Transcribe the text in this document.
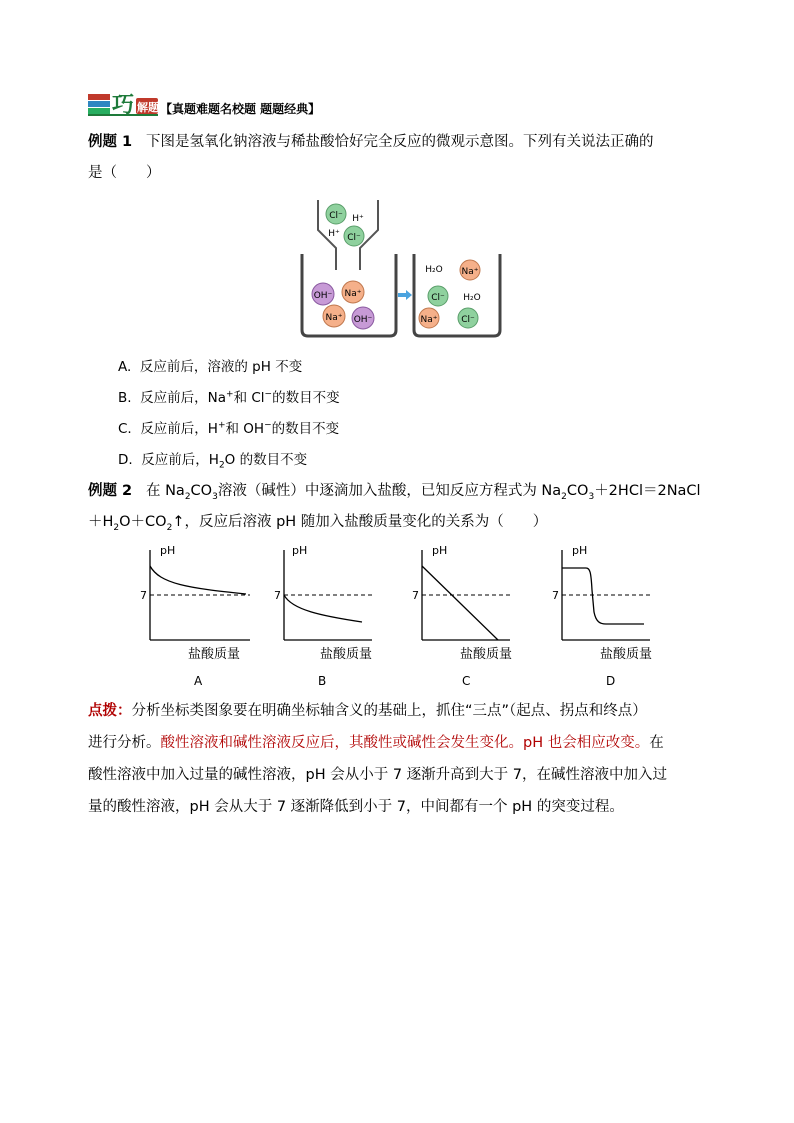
巧 解题 【真题难题名校题 题题经典】
例题 1 下图是氢氧化钠溶液与稀盐酸恰好完全反应的微观示意图。下列有关说法正确的
是（　　）
Cl⁻ H⁺
H⁺ Cl⁻
OH⁻ Na⁺
Na⁺ OH⁻
H₂O Na⁺
Cl⁻ H₂O
Na⁺	Cl⁻
A. 反应前后，溶液的 pH 不变
B. 反应前后，Na+和 Cl−的数目不变
C. 反应前后，H+和 OH−的数目不变
D. 反应前后，$H_2O$ 的数目不变
例题 2 在 $Na_2CO_3$溶液（碱性）中逐滴加入盐酸，已知反应方程式为 $Na_2CO_3+2HCl=2NaCl$
$+H_2O+CO_2↑$，反应后溶液 pH 随加入盐酸质量变化的关系为（　　）
pH
7
盐酸质量
A
pH
7
盐酸质量
B
pH
7
盐酸质量
C
pH
7
盐酸质量
D
点拨：分析坐标类图象要在明确坐标轴含义的基础上，抓住“三点”（起点、拐点和终点）
进行分析。酸性溶液和碱性溶液反应后，其酸性或碱性会发生变化。pH 也会相应改变。在
酸性溶液中加入过量的碱性溶液，pH 会从小于 7 逐渐升高到大于 7，在碱性溶液中加入过
量的酸性溶液，pH 会从大于 7 逐渐降低到小于 7，中间都有一个 pH 的突变过程。
